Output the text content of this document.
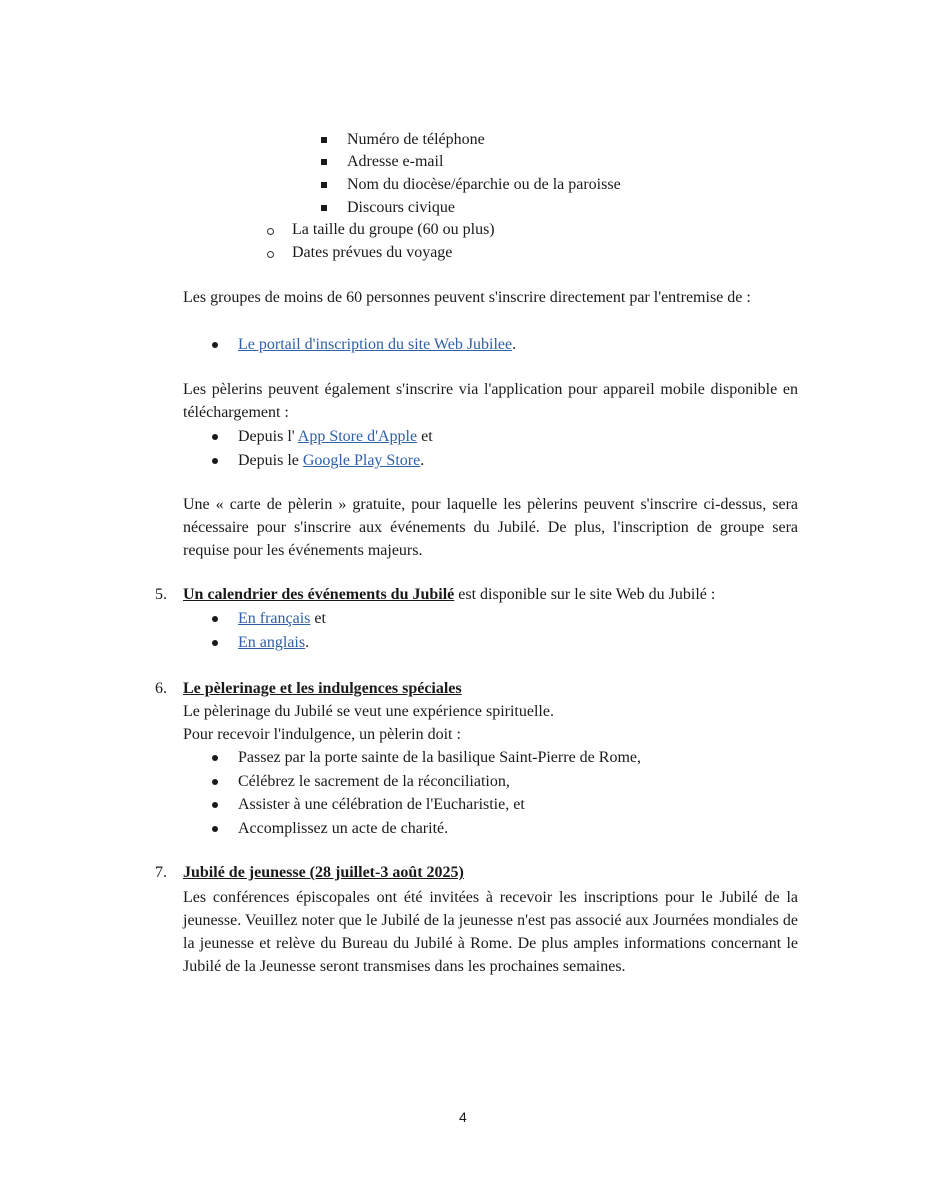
Numéro de téléphone
Adresse e-mail
Nom du diocèse/éparchie ou de la paroisse
Discours civique
La taille du groupe (60 ou plus)
Dates prévues du voyage
Les groupes de moins de 60 personnes peuvent s'inscrire directement par l'entremise de :
Le portail d'inscription du site Web Jubilee.
Les pèlerins peuvent également s'inscrire via l'application pour appareil mobile disponible en téléchargement :
Depuis l' App Store d'Apple et
Depuis le Google Play Store.
Une « carte de pèlerin » gratuite, pour laquelle les pèlerins peuvent s'inscrire ci-dessus, sera nécessaire pour s'inscrire aux événements du Jubilé. De plus, l'inscription de groupe sera requise pour les événements majeurs.
5. Un calendrier des événements du Jubilé est disponible sur le site Web du Jubilé :
En français et
En anglais.
6. Le pèlerinage et les indulgences spéciales
Le pèlerinage du Jubilé se veut une expérience spirituelle.
Pour recevoir l'indulgence, un pèlerin doit :
Passez par la porte sainte de la basilique Saint-Pierre de Rome,
Célébrez le sacrement de la réconciliation,
Assister à une célébration de l'Eucharistie, et
Accomplissez un acte de charité.
7. Jubilé de jeunesse (28 juillet-3 août 2025)
Les conférences épiscopales ont été invitées à recevoir les inscriptions pour le Jubilé de la jeunesse. Veuillez noter que le Jubilé de la jeunesse n'est pas associé aux Journées mondiales de la jeunesse et relève du Bureau du Jubilé à Rome. De plus amples informations concernant le Jubilé de la Jeunesse seront transmises dans les prochaines semaines.
4
